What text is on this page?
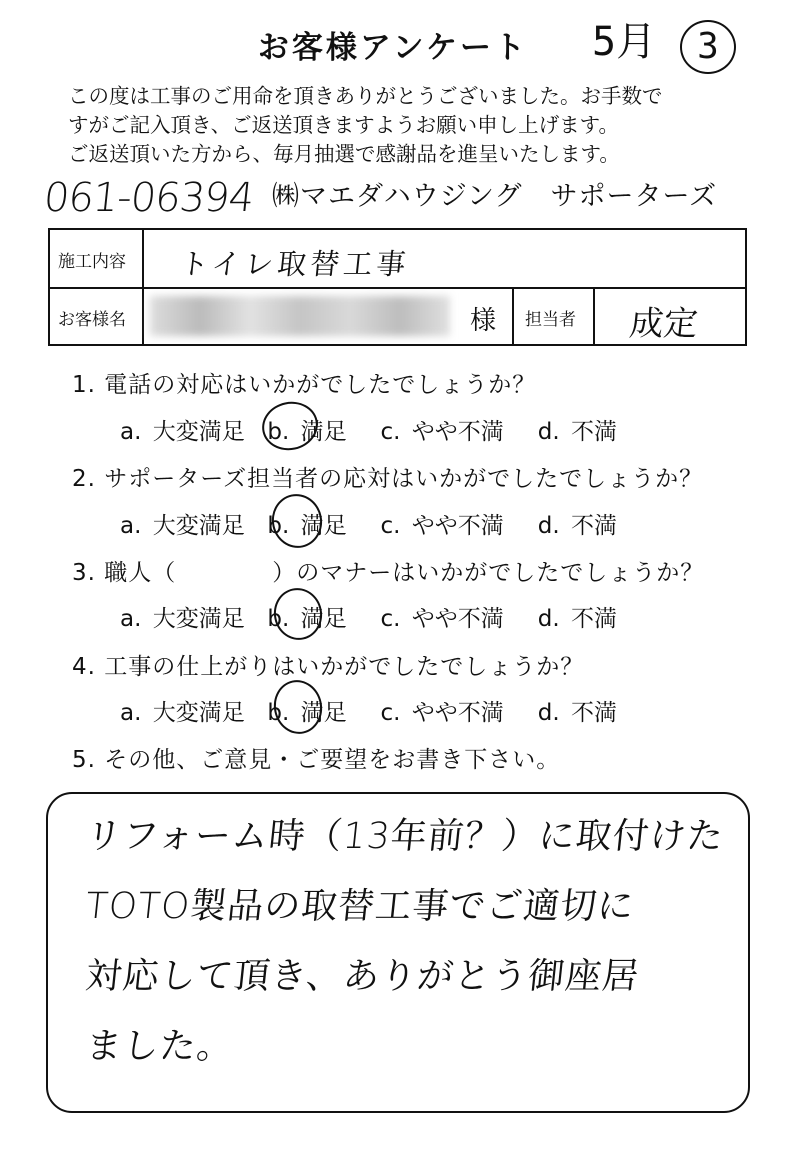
お客様アンケート	5月	3
この度は工事のご用命を頂きありがとうございました。お手数で
すがご記入頂き、ご返送頂きますようお願い申し上げます。
ご返送頂いた方から、毎月抽選で感謝品を進呈いたします。
061-06394 ㈱マエダハウジング　サポーターズ
施工内容 トイレ取替工事
お客様名	様 担当者 成定
1. 電話の対応はいかがでしたでしょうか？
a. 大変満足 b. 満足 c. やや不満 d. 不満
2. サポーターズ担当者の応対はいかがでしたでしょうか？
a. 大変満足 b. 満足 c. やや不満 d. 不満
3. 職人（　　　　）のマナーはいかがでしたでしょうか？
a. 大変満足 b. 満足 c. やや不満 d. 不満
4. 工事の仕上がりはいかがでしたでしょうか？
a. 大変満足 b. 満足 c. やや不満 d. 不満
5. その他、ご意見・ご要望をお書き下さい。
リフォーム時（13年前？）に取付けた
TOTO製品の取替工事でご適切に
対応して頂き、ありがとう御座居
ました。
